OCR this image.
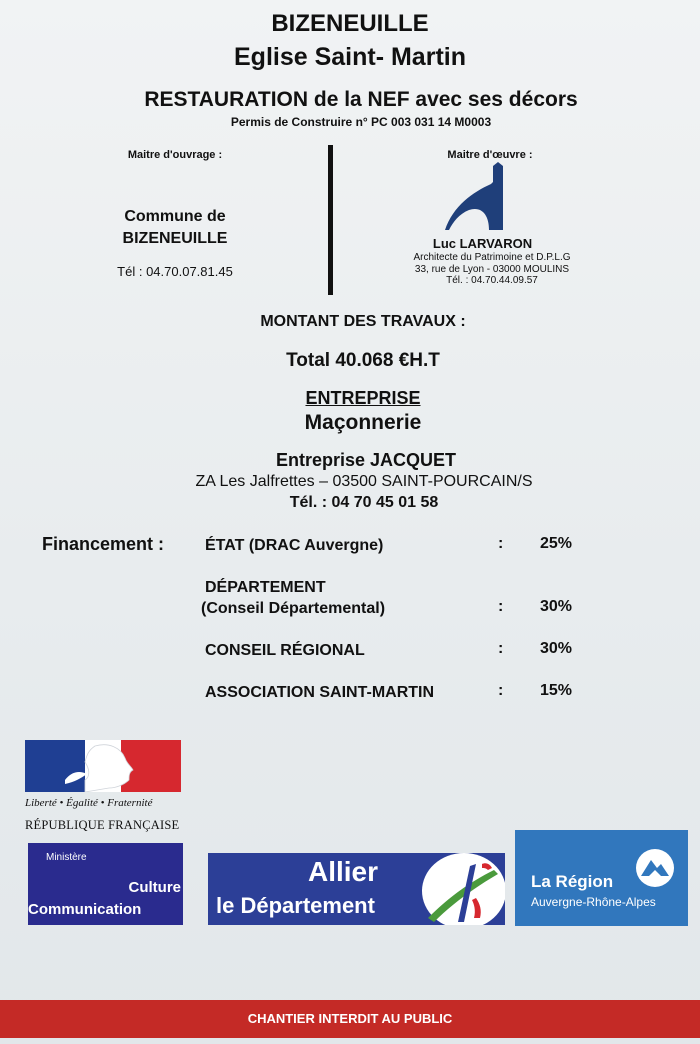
BIZENEUILLE
Eglise Saint- Martin
RESTAURATION de la NEF avec ses décors
Permis de Construire n° PC 003 031 14 M0003
Maitre d'ouvrage :
Commune de
BIZENEUILLE
Tél : 04.70.07.81.45
Maitre d'œuvre :
Luc LARVARON
Architecte du Patrimoine et D.P.L.G
33, rue de Lyon - 03000 MOULINS
Tél. : 04.70.44.09.57
MONTANT DES TRAVAUX :
Total 40.068 €H.T
ENTREPRISE
Maçonnerie
Entreprise JACQUET
ZA Les Jalfrettes – 03500 SAINT-POURCAIN/S
Tél. : 04 70 45 01 58
Financement :	ÉTAT (DRAC Auvergne)	: 25%
DÉPARTEMENT
(Conseil Départemental)	: 30%
CONSEIL RÉGIONAL	: 30%
ASSOCIATION SAINT-MARTIN	: 15%
Liberté • Égalité • Fraternité
RÉPUBLIQUE FRANÇAISE
Ministère
Culture
Communication
Allier
le Département
La Région
Auvergne-Rhône-Alpes
CHANTIER INTERDIT AU PUBLIC
